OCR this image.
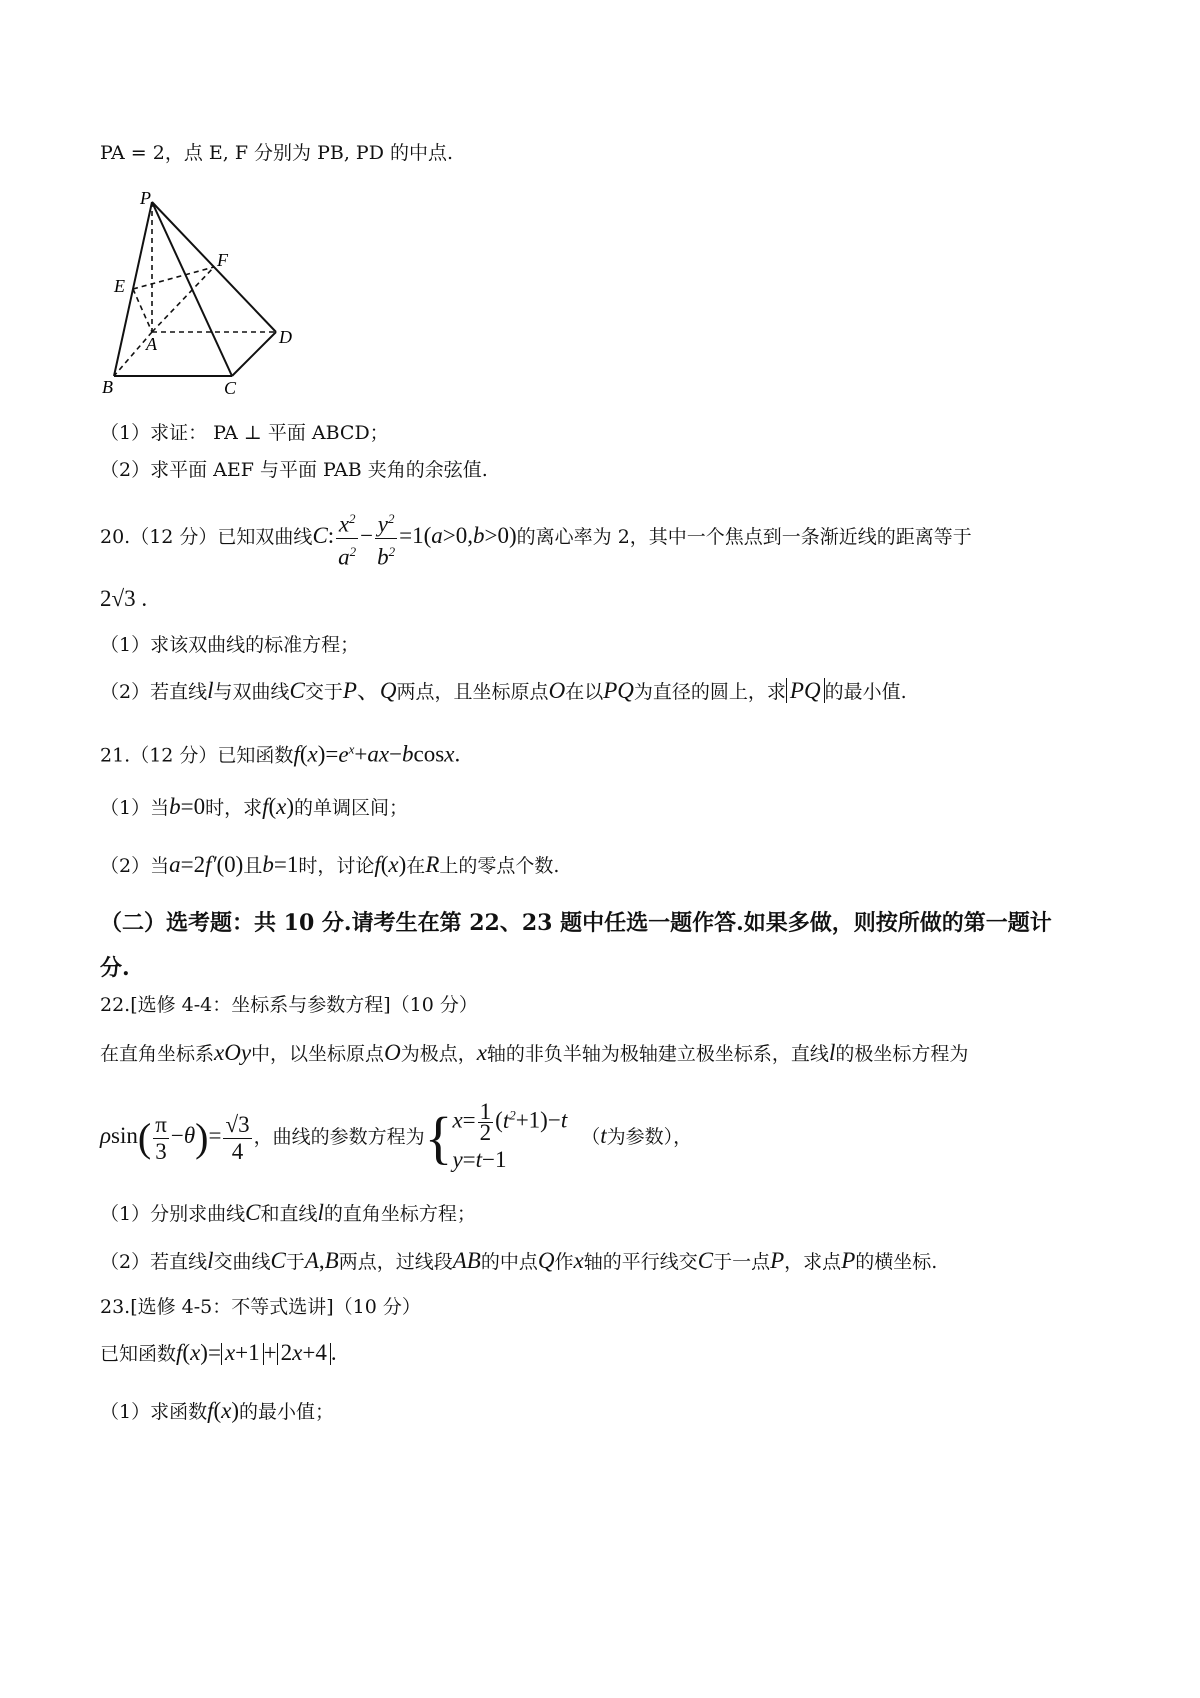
PA = 2，点 E, F 分别为 PB, PD 的中点.
P
E
F
A	D
B	C
（1）求证： PA ⊥ 平面 ABCD；
（2）求平面 AEF 与平面 PAB 夹角的余弦值.
20.（12 分）已知双曲线C: $\frac{x^2}{a^2} - \frac{y^2}{b^2} =1(a>0,b>0)$的离心率为 2，其中一个焦点到一条渐近线的距离等于
2√3 .
（1）求该双曲线的标准方程；
（2）若直线l与双曲线C交于P、Q两点，且坐标原点O在以PQ为直径的圆上，求 PQ 的最小值.
21.（12 分）已知函数$f(x)=e^x+ax-bcosx$.
（1）当b=0时，求f(x)的单调区间；
（2）当a=2f′(0)且b=1时，讨论f(x)在R上的零点个数.
（二）选考题：共 10 分.请考生在第 22、23 题中任选一题作答.如果多做，则按所做的第一题计
分.
22.[选修 4-4：坐标系与参数方程]（10 分）
在直角坐标系xOy中，以坐标原点O为极点，x轴的非负半轴为极轴建立极坐标系，直线l的极坐标方程为
$\rho\sin( \frac{\pi}{3} -\theta)= \frac{√3}{4}$ ，曲线的参数方程为{ $x= \frac{1}{2} (t^2+1)-t$
y=t−1
（t为参数），
（1）分别求曲线C和直线l的直角坐标方程；
（2）若直线l交曲线C于A,B两点，过线段AB的中点Q作x轴的平行线交C于一点P，求点P的横坐标.
23.[选修 4-5：不等式选讲]（10 分）
已知函数f(x)= x+1 + 2x+4 .
（1）求函数f(x)的最小值；
